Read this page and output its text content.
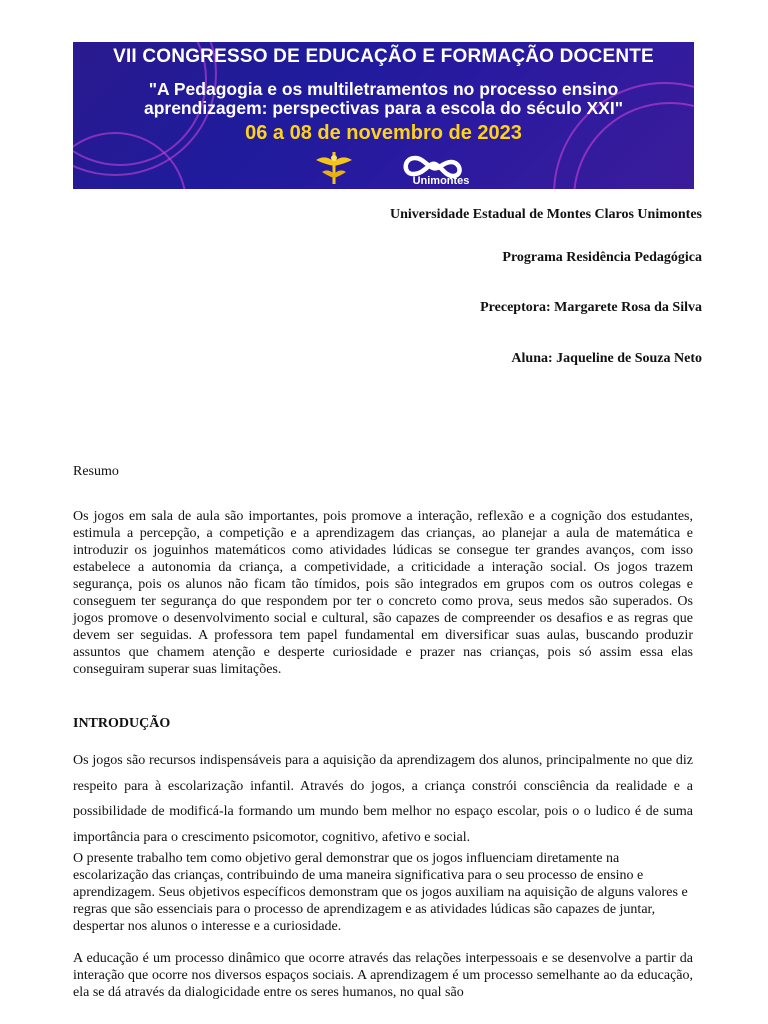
VII CONGRESSO DE EDUCAÇÃO E FORMAÇÃO DOCENTE
"A Pedagogia e os multiletramentos no processo ensino
aprendizagem: perspectivas para a escola do século XXI"
06 a 08 de novembro de 2023
Unimontes
Universidade Estadual de Montes Claros Unimontes
Programa Residência Pedagógica
Preceptora: Margarete Rosa da Silva
Aluna: Jaqueline de Souza Neto
Resumo

Os jogos em sala de aula são importantes, pois promove a interação, reflexão e a cognição dos estudantes, estimula a percepção, a competição e a aprendizagem das crianças, ao planejar a aula de matemática e introduzir os joguinhos matemáticos como atividades lúdicas se consegue ter grandes avanços, com isso estabelece a autonomia da criança, a competividade, a criticidade a interação social. Os jogos trazem segurança, pois os alunos não ficam tão tímidos, pois são integrados em grupos com os outros colegas e conseguem ter segurança do que respondem por ter o concreto como prova, seus medos são superados. Os jogos promove o desenvolvimento social e cultural, são capazes de compreender os desafios e as regras que devem ser seguidas. A professora tem papel fundamental em diversificar suas aulas, buscando produzir assuntos que chamem atenção e desperte curiosidade e prazer nas crianças, pois só assim essa elas conseguiram superar suas limitações.

INTRODUÇÃO

Os jogos são recursos indispensáveis para a aquisição da aprendizagem dos alunos, principalmente no que diz respeito para à escolarização infantil. Através do jogos, a criança constrói consciência da realidade e a possibilidade de modificá-la formando um mundo bem melhor no espaço escolar, pois o o ludico é de suma importância para o crescimento psicomotor, cognitivo, afetivo e social.

O presente trabalho tem como objetivo geral demonstrar que os jogos influenciam diretamente na escolarização das crianças, contribuindo de uma maneira significativa para o seu processo de ensino e aprendizagem. Seus objetivos específicos demonstram que os jogos auxiliam na aquisição de alguns valores e regras que são essenciais para o processo de aprendizagem e as atividades lúdicas são capazes de juntar, despertar nos alunos o interesse e a curiosidade.

A educação é um processo dinâmico que ocorre através das relações interpessoais e se desenvolve a partir da interação que ocorre nos diversos espaços sociais. A aprendizagem é um processo semelhante ao da educação, ela se dá através da dialogicidade entre os seres humanos, no qual são
